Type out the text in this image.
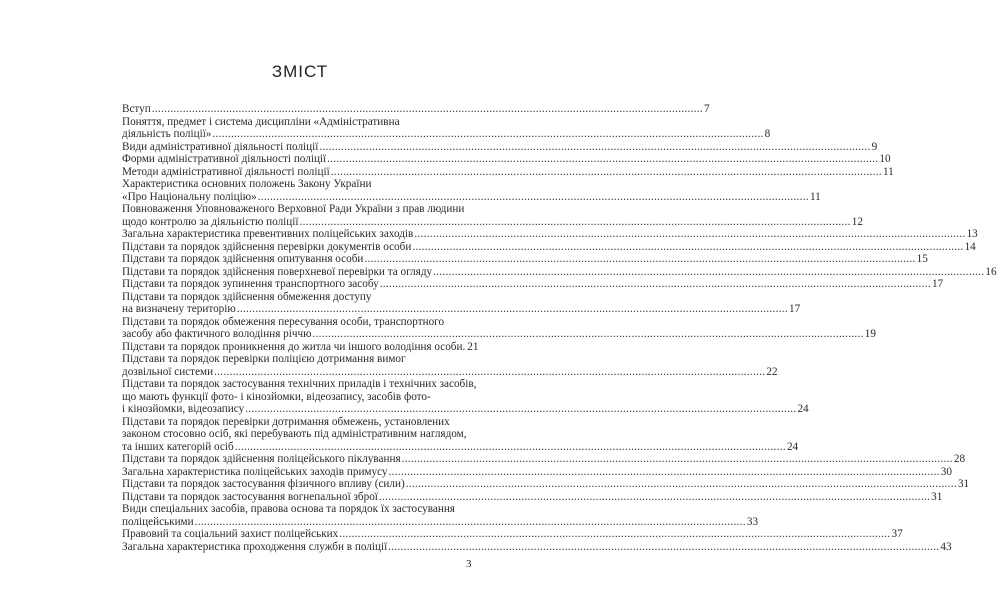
ЗМІСТ
Вступ .....	7
Поняття, предмет і система дисципліни «Адміністративна
діяльність поліції» .....	8
Види адміністративної діяльності поліції .....	9
Форми адміністративної діяльності поліції .....	10
Методи адміністративної діяльності поліції .....	11
Характеристика основних положень Закону України
«Про Національну поліцію» .....	11
Повноваження Уповноваженого Верховної Ради України з прав людини
щодо контролю за діяльністю поліції .....	12
Загальна характеристика превентивних поліцейських заходів .....	13
Підстави та порядок здійснення перевірки документів особи .....	14
Підстави та порядок здійснення опитування особи .....	15
Підстави та порядок здійснення поверхневої перевірки та огляду .....	16
Підстави та порядок зупинення транспортного засобу .....	17
Підстави та порядок здійснення обмеження доступу
на визначену територію .....	17
Підстави та порядок обмеження пересування особи, транспортного
засобу або фактичного володіння річчю .....	19
Підстави та порядок проникнення до житла чи іншого володіння особи. 21
Підстави та порядок перевірки поліцією дотримання вимог
дозвільної системи .....	22
Підстави та порядок застосування технічних приладів і технічних засобів,
що мають функції фото- і кінозйомки, відеозапису, засобів фото-
і кінозйомки, відеозапису .....	24
Підстави та порядок перевірки дотримання обмежень, установлених
законом стосовно осіб, які перебувають під адміністративним наглядом,
та інших категорій осіб .....	24
Підстави та порядок здійснення поліцейського піклування .....	28
Загальна характеристика поліцейських заходів примусу .....	30
Підстави та порядок застосування фізичного впливу (сили) .....	31
Підстави та порядок застосування вогнепальної зброї .....	31
Види спеціальних засобів, правова основа та порядок їх застосування
поліцейськими .....	33
Правовий та соціальний захист поліцейських .....	37
Загальна характеристика проходження служби в поліції .....	43
3
